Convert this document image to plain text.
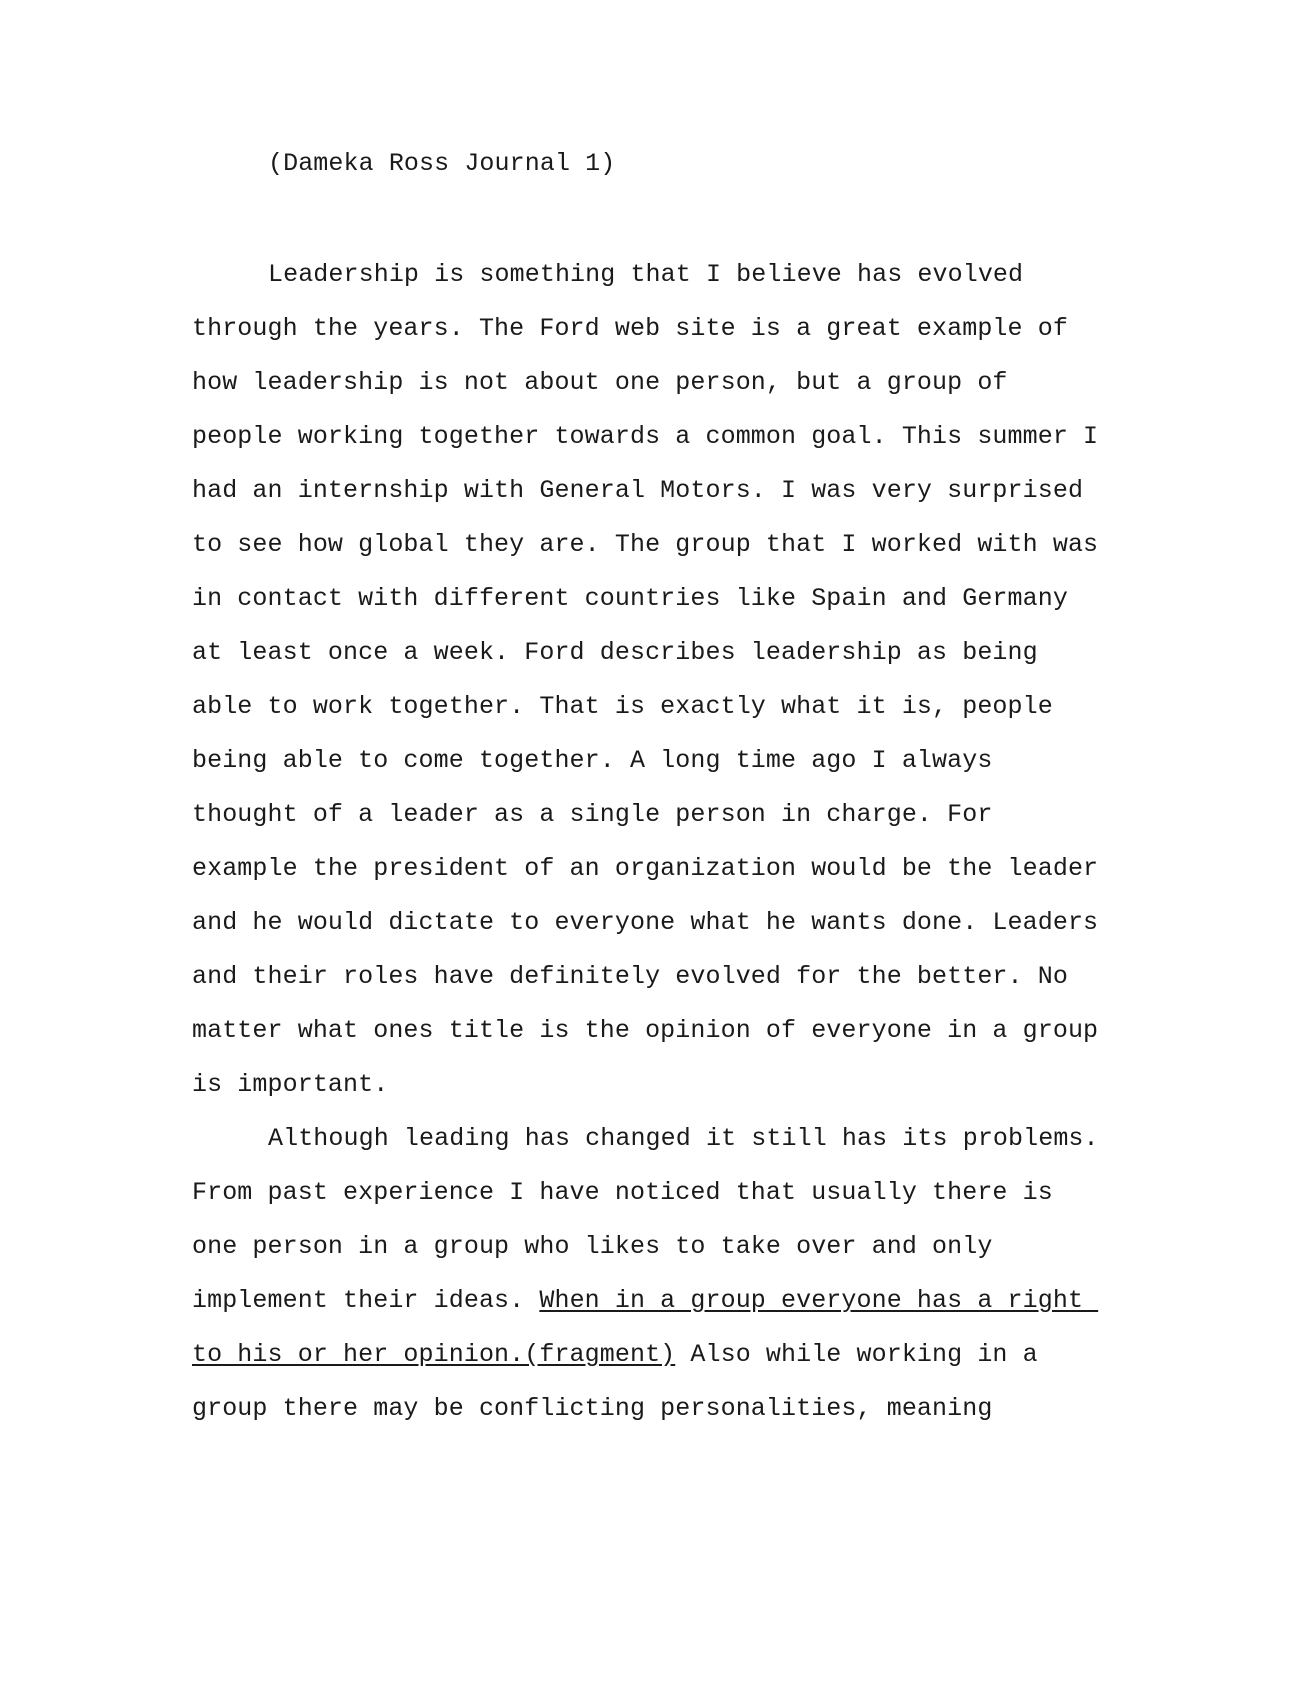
(Dameka Ross Journal 1)
Leadership is something that I believe has evolved
through the years. The Ford web site is a great example of
how leadership is not about one person, but a group of
people working together towards a common goal. This summer I
had an internship with General Motors. I was very surprised
to see how global they are. The group that I worked with was
in contact with different countries like Spain and Germany
at least once a week. Ford describes leadership as being
able to work together. That is exactly what it is, people
being able to come together. A long time ago I always
thought of a leader as a single person in charge. For
example the president of an organization would be the leader
and he would dictate to everyone what he wants done. Leaders
and their roles have definitely evolved for the better. No
matter what ones title is the opinion of everyone in a group
is important.
Although leading has changed it still has its problems.
From past experience I have noticed that usually there is
one person in a group who likes to take over and only
implement their ideas. When in a group everyone has a right
to his or her opinion.(fragment) Also while working in a
group there may be conflicting personalities, meaning
